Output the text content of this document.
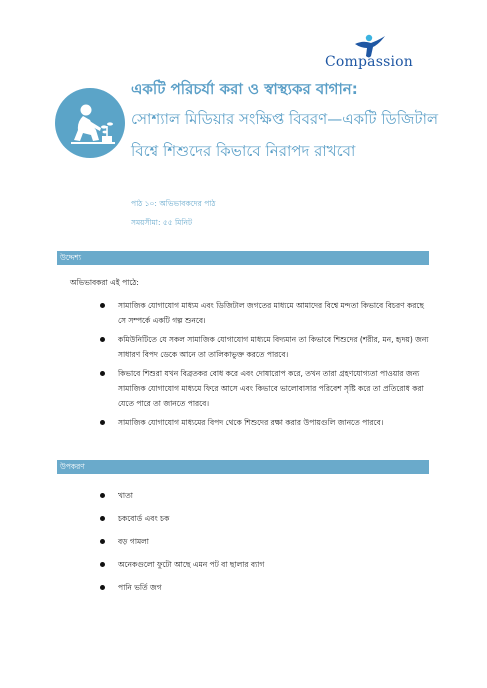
Compassion
একটি পরিচর্যা করা ও স্বাস্থ্যকর বাগান:
সোশ্যাল মিডিয়ার সংক্ষিপ্ত বিবরণ—একটি ডিজিটাল বিশ্বে শিশুদের কিভাবে নিরাপদ রাখবো
পাঠ ১০: অভিভাবকদের পাঠ
সময়সীমা: ৫৫ মিনিট
উদ্দেশ্য
অভিভাবকরা এই পাঠে:
সামাজিক যোগাযোগ মাধ্যম এবং ডিজিটাল জগতের মাধ্যমে আমাদের বিশ্বে মন্দতা কিভাবে বিচরণ করছে সে সম্পর্কে একটি গল্প শুনবে।
কমিউনিটিতে যে সকল সামাজিক যোগাযোগ মাধ্যমে বিদ্যমান তা কিভাবে শিশুদের (শরীর, মন, হৃদয়) জন্য সাধারণ বিপদ ডেকে আনে তা তালিকাভুক্ত করতে পারবে।
কিভাবে শিশুরা যখন বিব্রতকর বোধ করে এবং দোষারোপ করে, তখন তারা গ্রহণযোগ্যতা পাওয়ার জন্য সামাজিক যোগাযোগ মাধ্যমে ফিরে আসে এবং কিভাবে ভালোবাসার পরিবেশ সৃষ্টি করে তা প্রতিরোধ করা যেতে পারে তা জানতে পারবে।
সামাজিক যোগাযোগ মাধ্যমের বিপদ থেকে শিশুদের রক্ষা করার উপায়গুলি জানতে পারবে।
উপকরণ
খাতা
চকবোর্ড এবং চক
বড় গামলা
অনেকগুলো ফুটো আছে এমন পট বা ছালার ব্যাগ
পানি ভর্তি জগ
